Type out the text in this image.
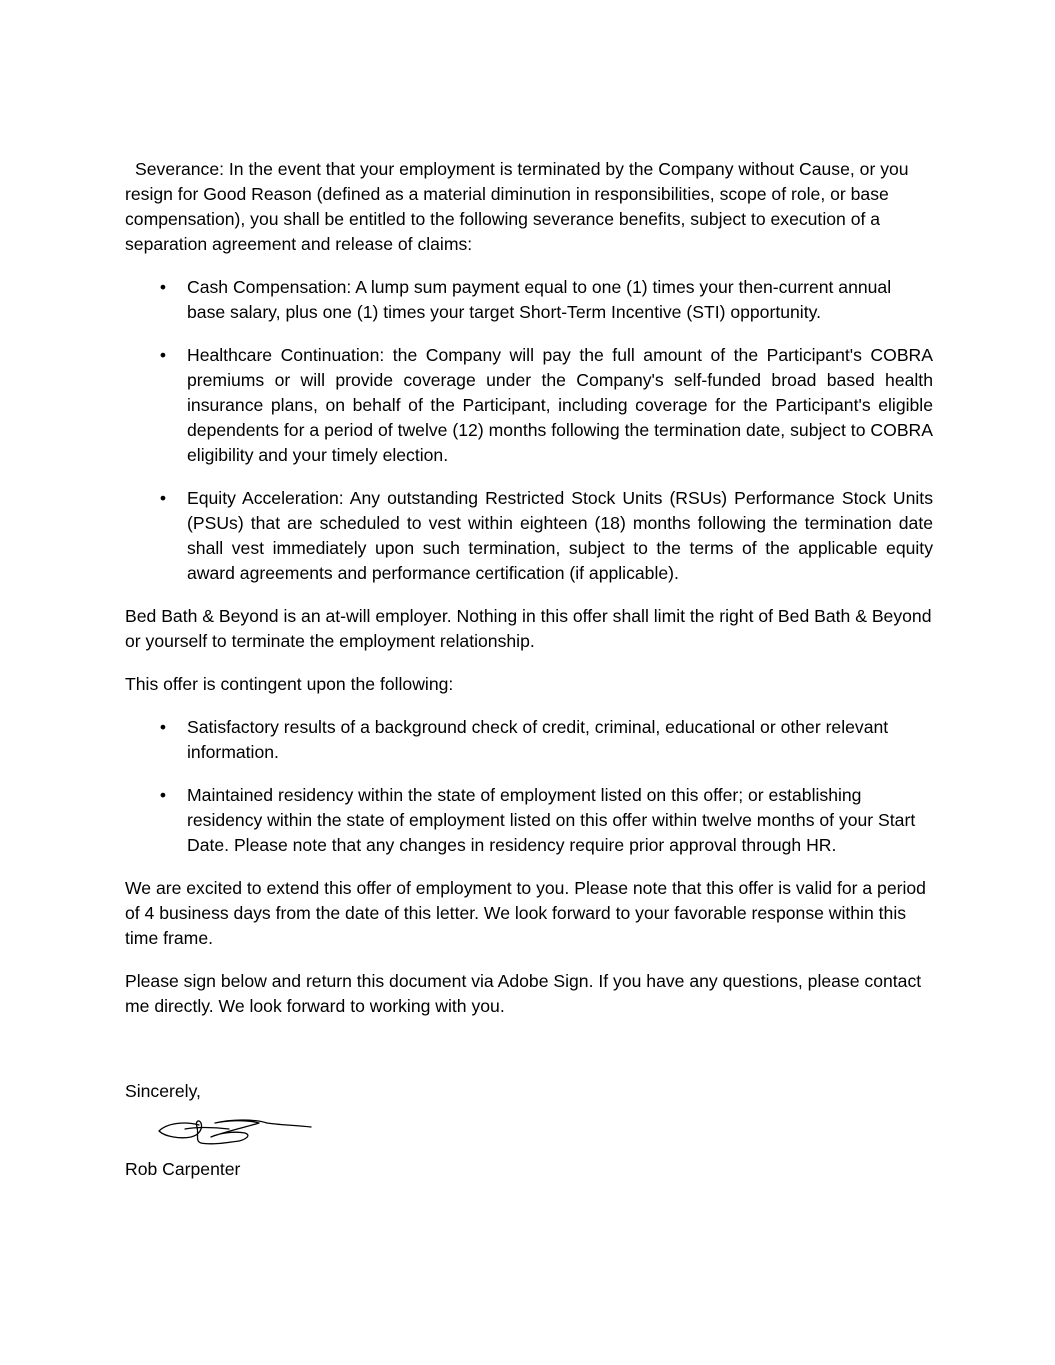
Severance: In the event that your employment is terminated by the Company without Cause, or you resign for Good Reason (defined as a material diminution in responsibilities, scope of role, or base compensation), you shall be entitled to the following severance benefits, subject to execution of a separation agreement and release of claims:

• Cash Compensation: A lump sum payment equal to one (1) times your then-current annual base salary, plus one (1) times your target Short-Term Incentive (STI) opportunity.
• Healthcare Continuation: the Company will pay the full amount of the Participant's COBRA premiums or will provide coverage under the Company's self-funded broad based health insurance plans, on behalf of the Participant, including coverage for the Participant's eligible dependents for a period of twelve (12) months following the termination date, subject to COBRA eligibility and your timely election.
• Equity Acceleration: Any outstanding Restricted Stock Units (RSUs) Performance Stock Units (PSUs) that are scheduled to vest within eighteen (18) months following the termination date shall vest immediately upon such termination, subject to the terms of the applicable equity award agreements and performance certification (if applicable).

Bed Bath & Beyond is an at-will employer. Nothing in this offer shall limit the right of Bed Bath & Beyond or yourself to terminate the employment relationship.

This offer is contingent upon the following:

• Satisfactory results of a background check of credit, criminal, educational or other relevant information.
• Maintained residency within the state of employment listed on this offer; or establishing residency within the state of employment listed on this offer within twelve months of your Start Date. Please note that any changes in residency require prior approval through HR.

We are excited to extend this offer of employment to you. Please note that this offer is valid for a period of 4 business days from the date of this letter. We look forward to your favorable response within this time frame.

Please sign below and return this document via Adobe Sign. If you have any questions, please contact me directly. We look forward to working with you.

Sincerely,

Rob Carpenter
